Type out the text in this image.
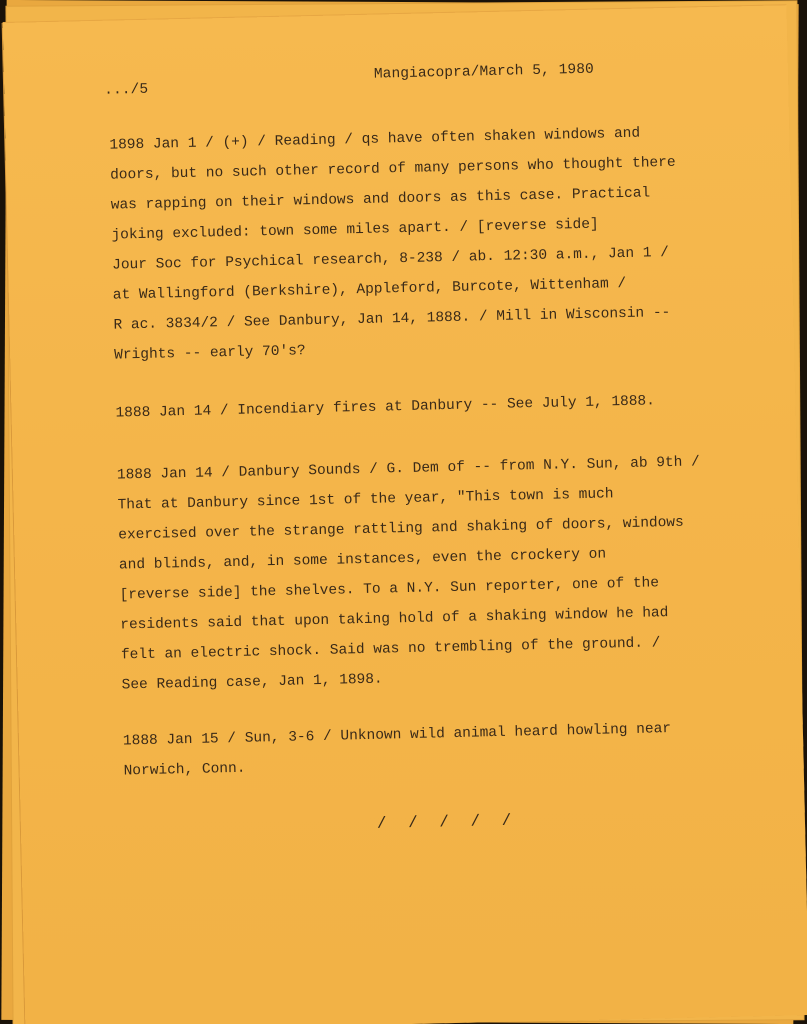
.../5
Mangiacopra/March 5, 1980
1898 Jan 1 / (+) / Reading / qs have often shaken windows and
doors, but no such other record of many persons who thought there
was rapping on their windows and doors as this case. Practical
joking excluded: town some miles apart. / [reverse side]
Jour Soc for Psychical research, 8-238 / ab. 12:30 a.m., Jan 1 /
at Wallingford (Berkshire), Appleford, Burcote, Wittenham /
R ac. 3834/2 / See Danbury, Jan 14, 1888. / Mill in Wisconsin --
Wrights -- early 70's?
1888 Jan 14 / Incendiary fires at Danbury -- See July 1, 1888.
1888 Jan 14 / Danbury Sounds / G. Dem of -- from N.Y. Sun, ab 9th /
That at Danbury since 1st of the year, "This town is much
exercised over the strange rattling and shaking of doors, windows
and blinds, and, in some instances, even the crockery on
[reverse side] the shelves. To a N.Y. Sun reporter, one of the
residents said that upon taking hold of a shaking window he had
felt an electric shock. Said was no trembling of the ground. /
See Reading case, Jan 1, 1898.
1888 Jan 15 / Sun, 3-6 / Unknown wild animal heard howling near
Norwich, Conn.
/ / / / /
